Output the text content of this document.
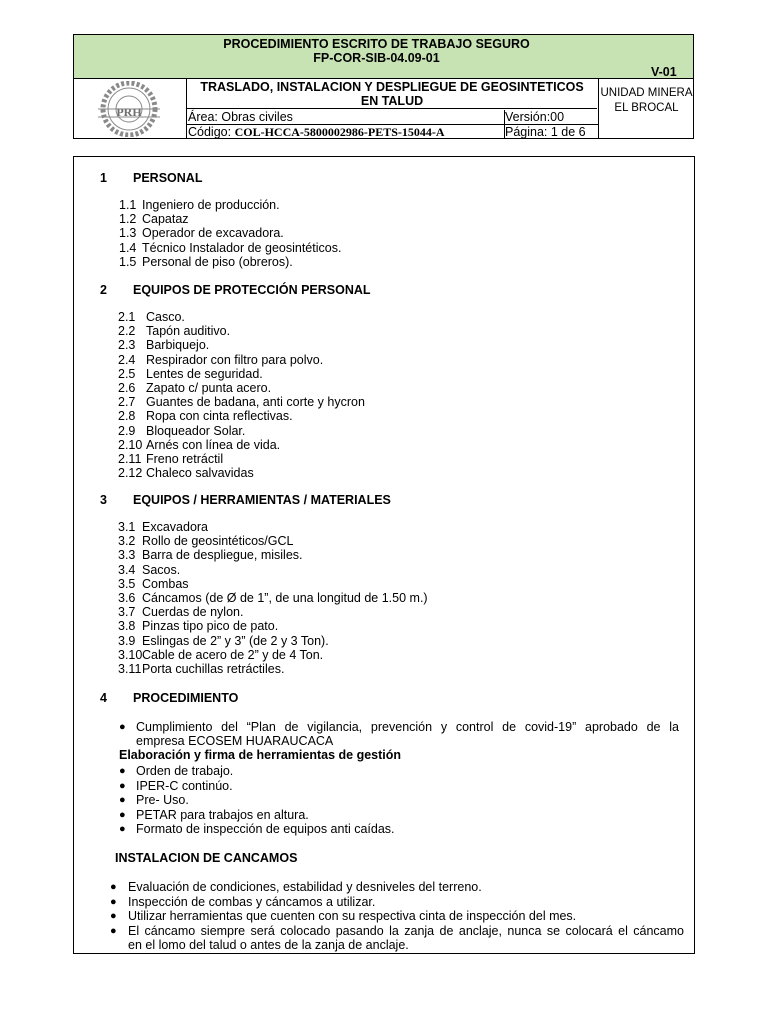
PROCEDIMIENTO ESCRITO DE TRABAJO SEGURO
FP-COR-SIB-04.09-01
V-01
PRH
TRASLADO, INSTALACION Y DESPLIEGUE DE GEOSINTETICOS
EN TALUD
Área: Obras civiles	Versión:00
Código: COL-HCCA-5800002986-PETS-15044-A	Página: 1 de 6
UNIDAD MINERA
EL BROCAL
1 PERSONAL
1.1 Ingeniero de producción.
1.2 Capataz
1.3 Operador de excavadora.
1.4 Técnico Instalador de geosintéticos.
1.5 Personal de piso (obreros).
2 EQUIPOS DE PROTECCIÓN PERSONAL
2.1 Casco.
2.2 Tapón auditivo.
2.3 Barbiquejo.
2.4 Respirador con filtro para polvo.
2.5 Lentes de seguridad.
2.6 Zapato c/ punta acero.
2.7 Guantes de badana, anti corte y hycron
2.8 Ropa con cinta reflectivas.
2.9 Bloqueador Solar.
2.10 Arnés con línea de vida.
2.11 Freno retráctil
2.12 Chaleco salvavidas
3 EQUIPOS / HERRAMIENTAS / MATERIALES
3.1 Excavadora
3.2 Rollo de geosintéticos/GCL
3.3 Barra de despliegue, misiles.
3.4 Sacos.
3.5 Combas
3.6 Cáncamos (de Ø de 1”, de una longitud de 1.50 m.)
3.7 Cuerdas de nylon.
3.8 Pinzas tipo pico de pato.
3.9 Eslingas de 2” y 3” (de 2 y 3 Ton).
3.10 Cable de acero de 2” y de 4 Ton.
3.11 Porta cuchillas retráctiles.
4 PROCEDIMIENTO
● Cumplimiento del “Plan de vigilancia, prevención y control de covid-19” aprobado de la
empresa ECOSEM HUARAUCACA
Elaboración y firma de herramientas de gestión
● Orden de trabajo.
● IPER-C continúo.
● Pre- Uso.
● PETAR para trabajos en altura.
● Formato de inspección de equipos anti caídas.
INSTALACION DE CANCAMOS
● Evaluación de condiciones, estabilidad y desniveles del terreno.
● Inspección de combas y cáncamos a utilizar.
● Utilizar herramientas que cuenten con su respectiva cinta de inspección del mes.
● El cáncamo siempre será colocado pasando la zanja de anclaje, nunca se colocará el cáncamo
en el lomo del talud o antes de la zanja de anclaje.
